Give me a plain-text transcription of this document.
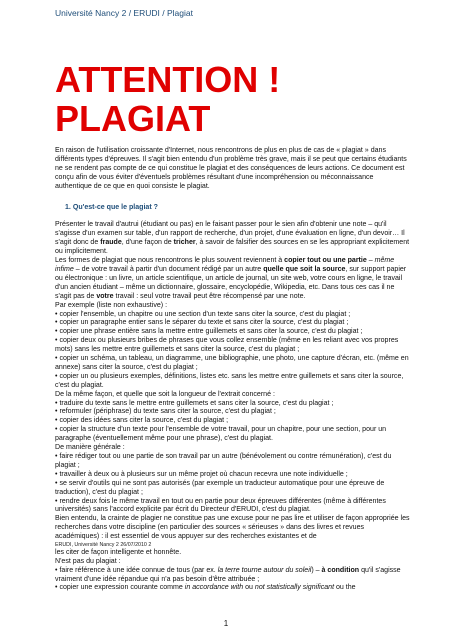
Université Nancy 2 / ERUDI / Plagiat
ATTENTION !
PLAGIAT

En raison de l'utilisation croissante d'Internet, nous rencontrons de plus en plus de cas de « plagiat » dans différents types d'épreuves. Il s'agit bien entendu d'un problème très grave, mais il se peut que certains étudiants ne se rendent pas compte de ce qui constitue le plagiat et des conséquences de leurs actions. Ce document est conçu afin de vous éviter d'éventuels problèmes résultant d'une incompréhension ou méconnaissance authentique de ce que en quoi consiste le plagiat.

1. Qu'est-ce que le plagiat ?

Présenter le travail d'autrui (étudiant ou pas) en le faisant passer pour le sien afin d'obtenir une note – qu'il s'agisse d'un examen sur table, d'un rapport de recherche, d'un projet, d'une évaluation en ligne, d'un devoir… Il s'agit donc de fraude, d'une façon de tricher, à savoir de falsifier des sources en se les appropriant explicitement ou implicitement.

Les formes de plagiat que nous rencontrons le plus souvent reviennent à copier tout ou une partie – même infime – de votre travail à partir d'un document rédigé par un autre quelle que soit la source, sur support papier ou électronique : un livre, un article scientifique, un article de journal, un site web, votre cours en ligne, le travail d'un ancien étudiant – même un dictionnaire, glossaire, encyclopédie, Wikipedia, etc. Dans tous ces cas il ne s'agit pas de votre travail : seul votre travail peut être récompensé par une note.

Par exemple (liste non exhaustive) :

• copier l'ensemble, un chapitre ou une section d'un texte sans citer la source, c'est du plagiat ;

• copier un paragraphe entier sans le séparer du texte et sans citer la source, c'est du plagiat ;

• copier une phrase entière sans la mettre entre guillemets et sans citer la source, c'est du plagiat ;

• copier deux ou plusieurs bribes de phrases que vous collez ensemble (même en les reliant avec vos propres mots) sans les mettre entre guillemets et sans citer la source, c'est du plagiat ;

• copier un schéma, un tableau, un diagramme, une bibliographie, une photo, une capture d'écran, etc. (même en annexe) sans citer la source, c'est du plagiat ;

• copier un ou plusieurs exemples, définitions, listes etc. sans les mettre entre guillemets et sans citer la source, c'est du plagiat.

De la même façon, et quelle que soit la longueur de l'extrait concerné :

• traduire du texte sans le mettre entre guillemets et sans citer la source, c'est du plagiat ;

• reformuler (périphrase) du texte sans citer la source, c'est du plagiat ;

• copier des idées sans citer la source, c'est du plagiat ;

• copier la structure d'un texte pour l'ensemble de votre travail, pour un chapitre, pour une section, pour un paragraphe (éventuellement même pour une phrase), c'est du plagiat.

De manière générale :

• faire rédiger tout ou une partie de son travail par un autre (bénévolement ou contre rémunération), c'est du plagiat ;

• travailler à deux ou à plusieurs sur un même projet où chacun recevra une note individuelle ;

• se servir d'outils qui ne sont pas autorisés (par exemple un traducteur automatique pour une épreuve de traduction), c'est du plagiat ;

• rendre deux fois le même travail en tout ou en partie pour deux épreuves différentes (même à différentes universités) sans l'accord explicite par écrit du Directeur d'ERUDI, c'est du plagiat.

Bien entendu, la crainte de plagier ne constitue pas une excuse pour ne pas lire et utiliser de façon appropriée les recherches dans votre discipline (en particulier des sources « sérieuses » dans des livres et revues académiques) : il est essentiel de vous appuyer sur des recherches existantes et de

ERUDI, Université Nancy 2 26/07/2010 2

les citer de façon intelligente et honnête.

N'est pas du plagiat :

• faire référence à une idée connue de tous (par ex. la terre tourne autour du soleil) – à condition qu'il s'agisse vraiment d'une idée répandue qui n'a pas besoin d'être attribuée ;

• copier une expression courante comme in accordance with ou not statistically significant ou the

1
